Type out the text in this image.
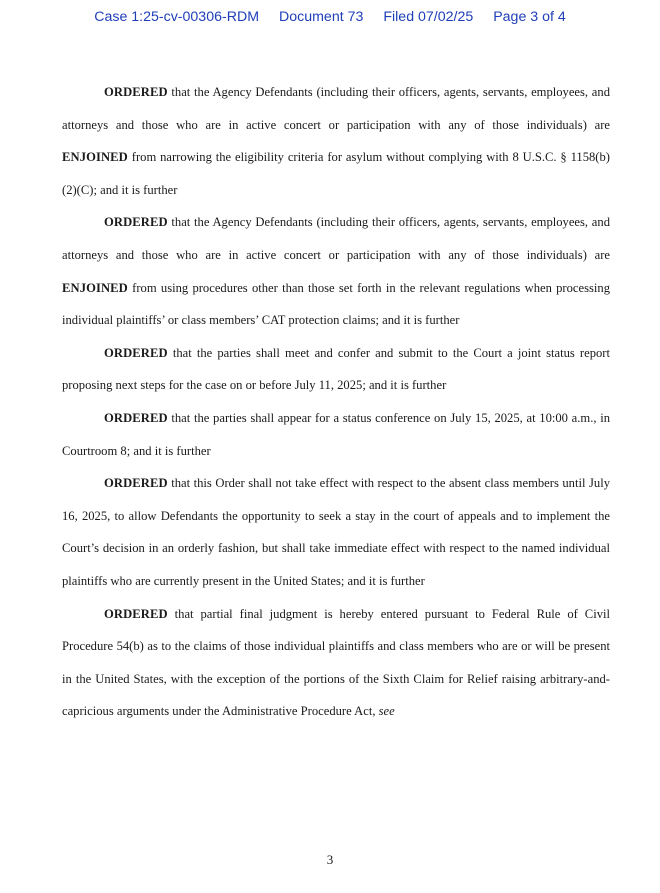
Case 1:25-cv-00306-RDM Document 73 Filed 07/02/25 Page 3 of 4

ORDERED that the Agency Defendants (including their officers, agents, servants, employees, and attorneys and those who are in active concert or participation with any of those individuals) are ENJOINED from narrowing the eligibility criteria for asylum without complying with 8 U.S.C. § 1158(b)(2)(C); and it is further

ORDERED that the Agency Defendants (including their officers, agents, servants, employees, and attorneys and those who are in active concert or participation with any of those individuals) are ENJOINED from using procedures other than those set forth in the relevant regulations when processing individual plaintiffs’ or class members’ CAT protection claims; and it is further

ORDERED that the parties shall meet and confer and submit to the Court a joint status report proposing next steps for the case on or before July 11, 2025; and it is further

ORDERED that the parties shall appear for a status conference on July 15, 2025, at 10:00 a.m., in Courtroom 8; and it is further

ORDERED that this Order shall not take effect with respect to the absent class members until July 16, 2025, to allow Defendants the opportunity to seek a stay in the court of appeals and to implement the Court’s decision in an orderly fashion, but shall take immediate effect with respect to the named individual plaintiffs who are currently present in the United States; and it is further

ORDERED that partial final judgment is hereby entered pursuant to Federal Rule of Civil Procedure 54(b) as to the claims of those individual plaintiffs and class members who are or will be present in the United States, with the exception of the portions of the Sixth Claim for Relief raising arbitrary-and-capricious arguments under the Administrative Procedure Act, see

3
